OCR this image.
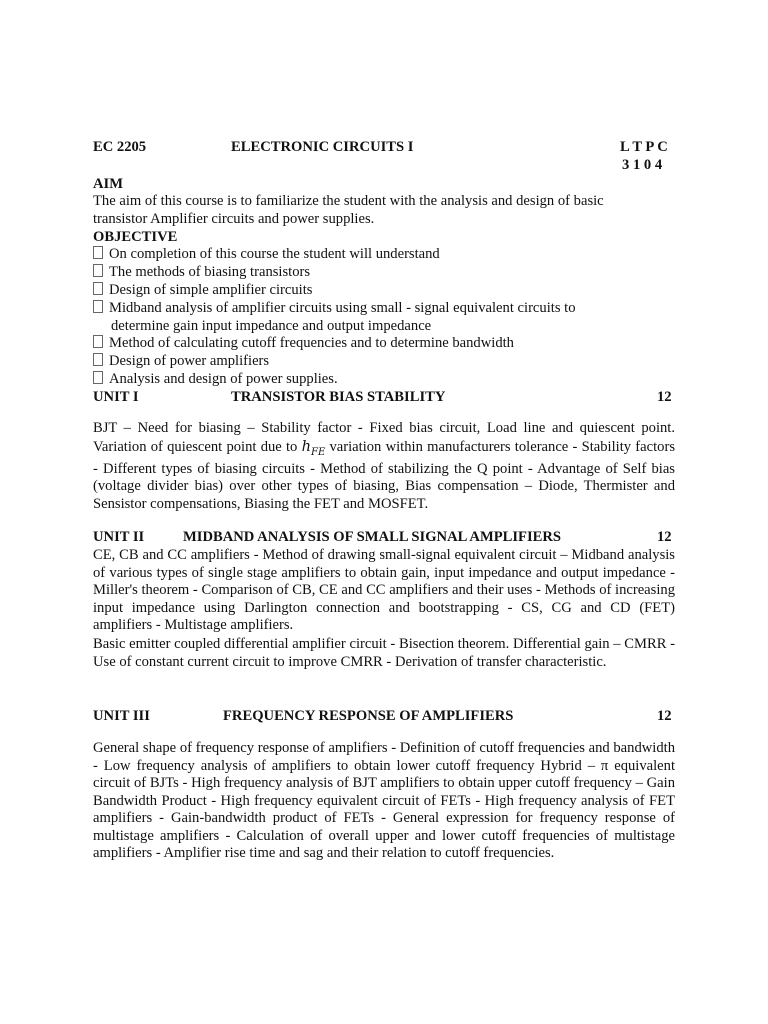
EC 2205	ELECTRONIC CIRCUITS I	L T P C
3 1 0 4
AIM
The aim of this course is to familiarize the student with the analysis and design of basic
transistor Amplifier circuits and power supplies.
OBJECTIVE
On completion of this course the student will understand
The methods of biasing transistors
Design of simple amplifier circuits
Midband analysis of amplifier circuits using small - signal equivalent circuits to
determine gain input impedance and output impedance
Method of calculating cutoff frequencies and to determine bandwidth
Design of power amplifiers
Analysis and design of power supplies.
UNIT I	TRANSISTOR BIAS STABILITY	12
BJT – Need for biasing – Stability factor - Fixed bias circuit, Load line and quiescent point. Variation of quiescent point due to $h_{FE}$ variation within manufacturers tolerance - Stability factors - Different types of biasing circuits - Method of stabilizing the Q point - Advantage of Self bias (voltage divider bias) over other types of biasing, Bias compensation – Diode, Thermister and Sensistor compensations, Biasing the FET and MOSFET.
UNIT II	MIDBAND ANALYSIS OF SMALL SIGNAL AMPLIFIERS	12
CE, CB and CC amplifiers - Method of drawing small-signal equivalent circuit – Midband analysis of various types of single stage amplifiers to obtain gain, input impedance and output impedance - Miller's theorem - Comparison of CB, CE and CC amplifiers and their uses - Methods of increasing input impedance using Darlington connection and bootstrapping - CS, CG and CD (FET) amplifiers - Multistage amplifiers.
Basic emitter coupled differential amplifier circuit - Bisection theorem. Differential gain – CMRR - Use of constant current circuit to improve CMRR - Derivation of transfer characteristic.
UNIT III	FREQUENCY RESPONSE OF AMPLIFIERS	12
General shape of frequency response of amplifiers - Definition of cutoff frequencies and bandwidth - Low frequency analysis of amplifiers to obtain lower cutoff frequency Hybrid – π equivalent circuit of BJTs - High frequency analysis of BJT amplifiers to obtain upper cutoff frequency – Gain Bandwidth Product - High frequency equivalent circuit of FETs - High frequency analysis of FET amplifiers - Gain-bandwidth product of FETs - General expression for frequency response of multistage amplifiers - Calculation of overall upper and lower cutoff frequencies of multistage amplifiers - Amplifier rise time and sag and their relation to cutoff frequencies.
